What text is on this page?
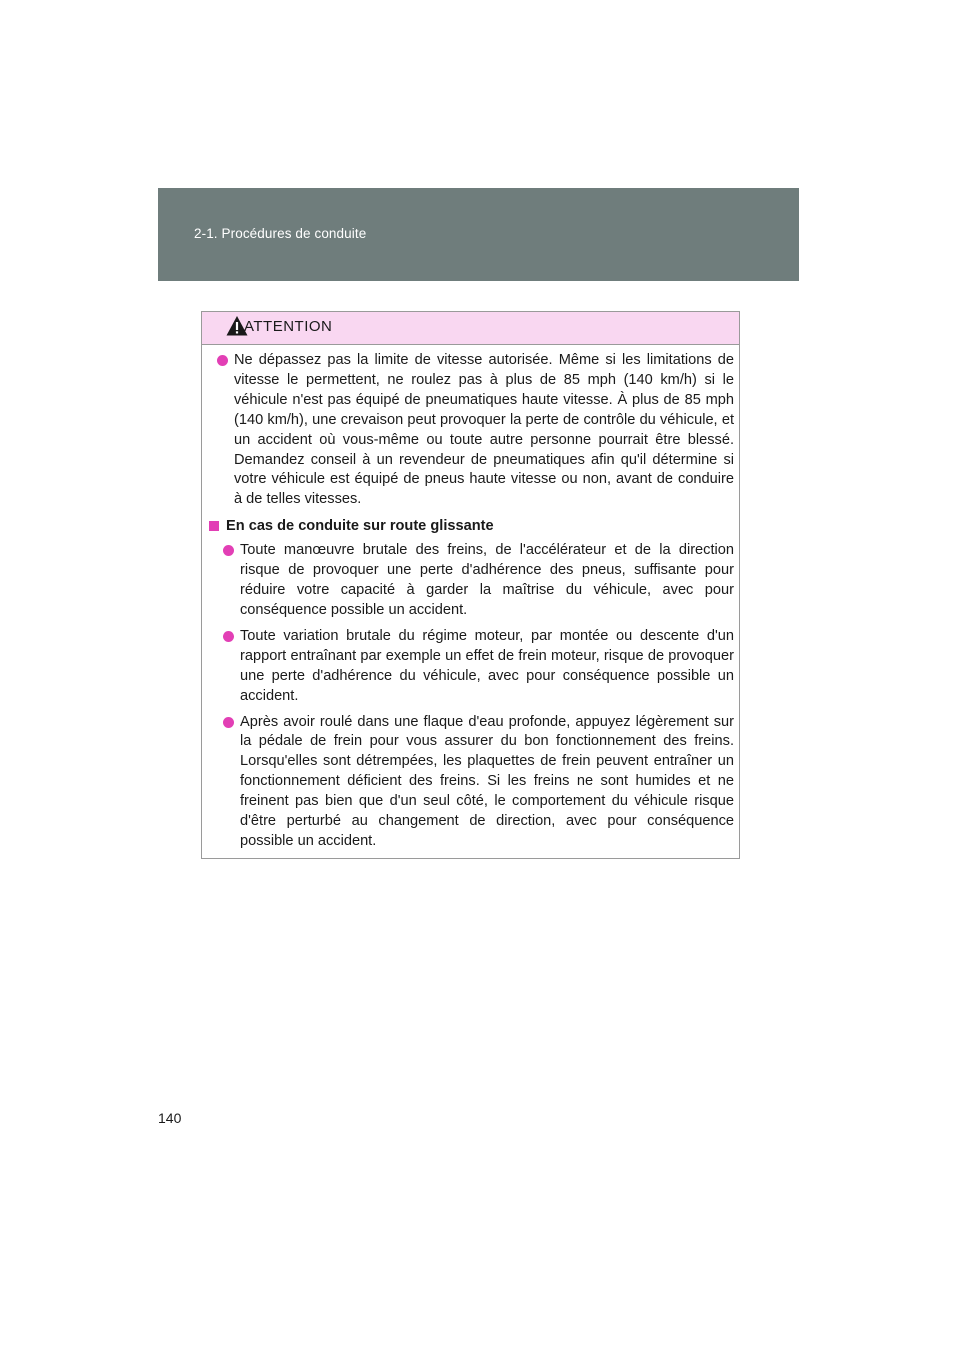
2-1. Procédures de conduite
ATTENTION
Ne dépassez pas la limite de vitesse autorisée. Même si les limitations de vitesse le permettent, ne roulez pas à plus de 85 mph (140 km/h) si le véhicule n'est pas équipé de pneumatiques haute vitesse. À plus de 85 mph (140 km/h), une crevaison peut provoquer la perte de contrôle du véhicule, et un accident où vous-même ou toute autre personne pourrait être blessé. Demandez conseil à un revendeur de pneumatiques afin qu'il détermine si votre véhicule est équipé de pneus haute vitesse ou non, avant de conduire à de telles vitesses.
En cas de conduite sur route glissante
Toute manœuvre brutale des freins, de l'accélérateur et de la direction risque de provoquer une perte d'adhérence des pneus, suffisante pour réduire votre capacité à garder la maîtrise du véhicule, avec pour conséquence possible un accident.
Toute variation brutale du régime moteur, par montée ou descente d'un rapport entraînant par exemple un effet de frein moteur, risque de provoquer une perte d'adhérence du véhicule, avec pour conséquence possible un accident.
Après avoir roulé dans une flaque d'eau profonde, appuyez légèrement sur la pédale de frein pour vous assurer du bon fonctionnement des freins. Lorsqu'elles sont détrempées, les plaquettes de frein peuvent entraîner un fonctionnement déficient des freins. Si les freins ne sont humides et ne freinent pas bien que d'un seul côté, le comportement du véhicule risque d'être perturbé au changement de direction, avec pour conséquence possible un accident.
140
